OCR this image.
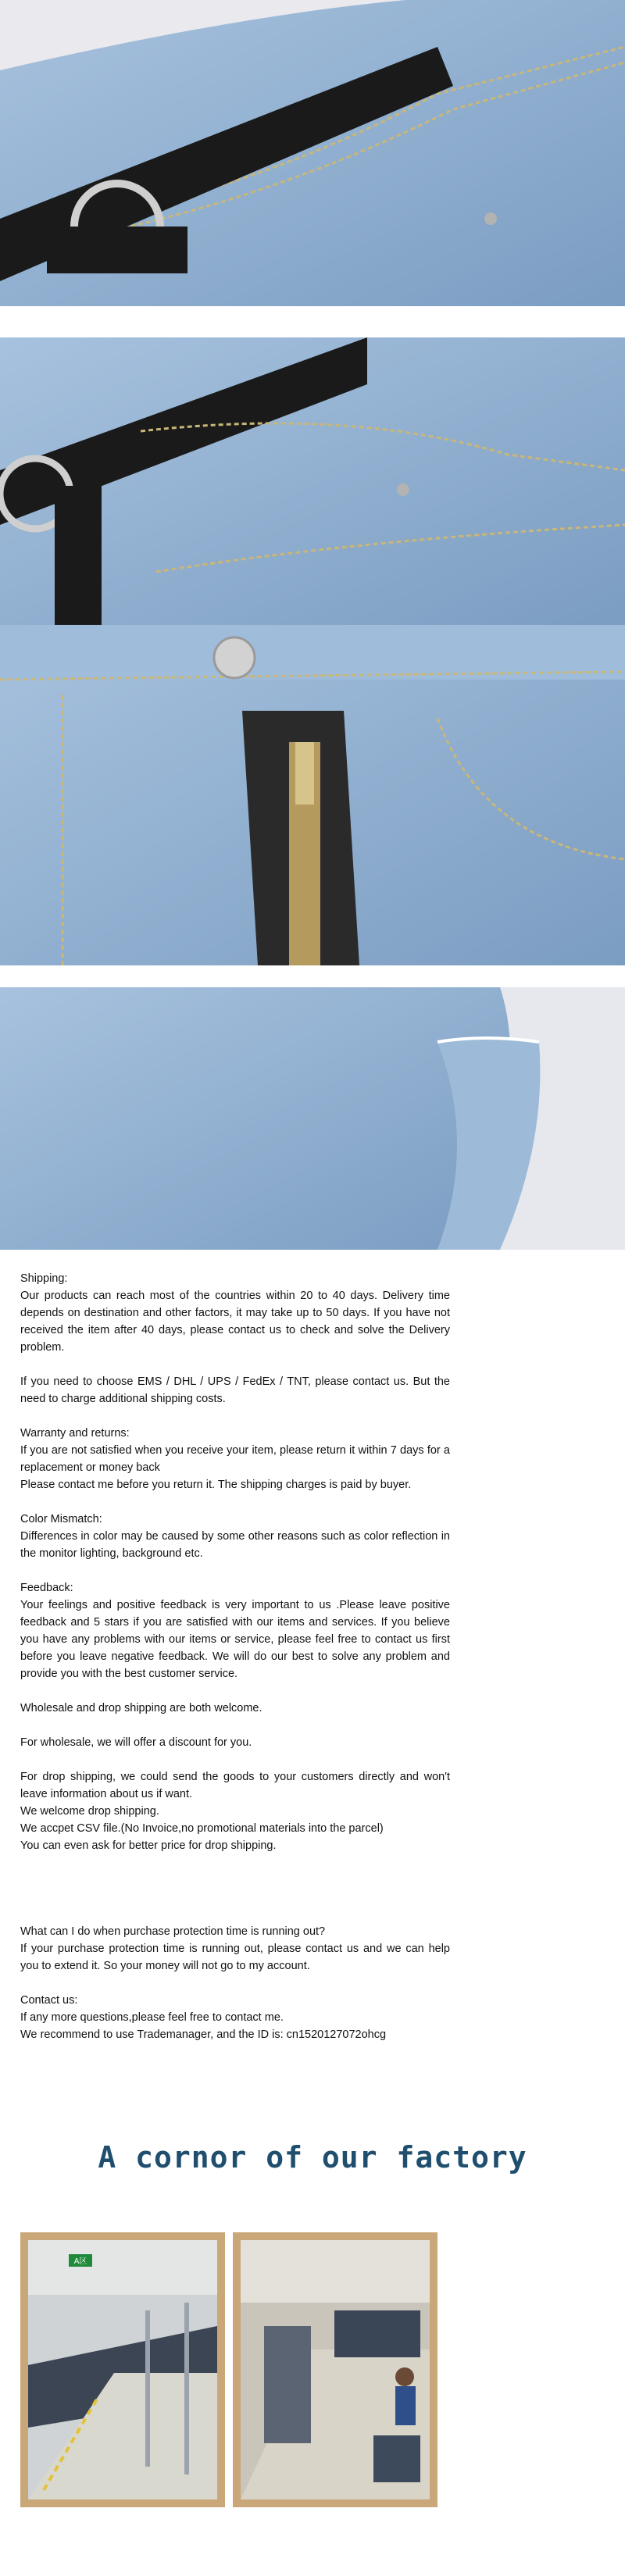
Shipping:

Our products can reach most of the countries within 20 to 40 days. Delivery time depends on destination and other factors, it may take up to 50 days. If you have not received the item after 40 days, please contact us to check and solve the Delivery problem.

If you need to choose EMS / DHL / UPS / FedEx / TNT, please contact us. But the need to charge additional shipping costs.

Warranty and returns:

If you are not satisfied when you receive your item, please return it within 7 days for a replacement or money back

Please contact me before you return it. The shipping charges is paid by buyer.

Color Mismatch:

Differences in color may be caused by some other reasons such as color reflection in the monitor lighting, background etc.

Feedback:

Your feelings and positive feedback is very important to us .Please leave positive feedback and 5 stars if you are satisfied with our items and services. If you believe you have any problems with our items or service, please feel free to contact us first before you leave negative feedback. We will do our best to solve any problem and provide you with the best customer service.

Wholesale and drop shipping are both welcome.

For wholesale, we will offer a discount for you.

For drop shipping, we could send the goods to your customers directly and won't leave information about us if want.

We welcome drop shipping.

We accpet CSV file.(No Invoice,no promotional materials into the parcel)

You can even ask for better price for drop shipping.

What can I do when purchase protection time is running out?

If your purchase protection time is running out, please contact us and we can help you to extend it. So your money will not go to my account.

Contact us:

If any more questions,please feel free to contact me.

We recommend to use Trademanager, and the ID is: cn1520127072ohcg

A cornor of our factory
A区
